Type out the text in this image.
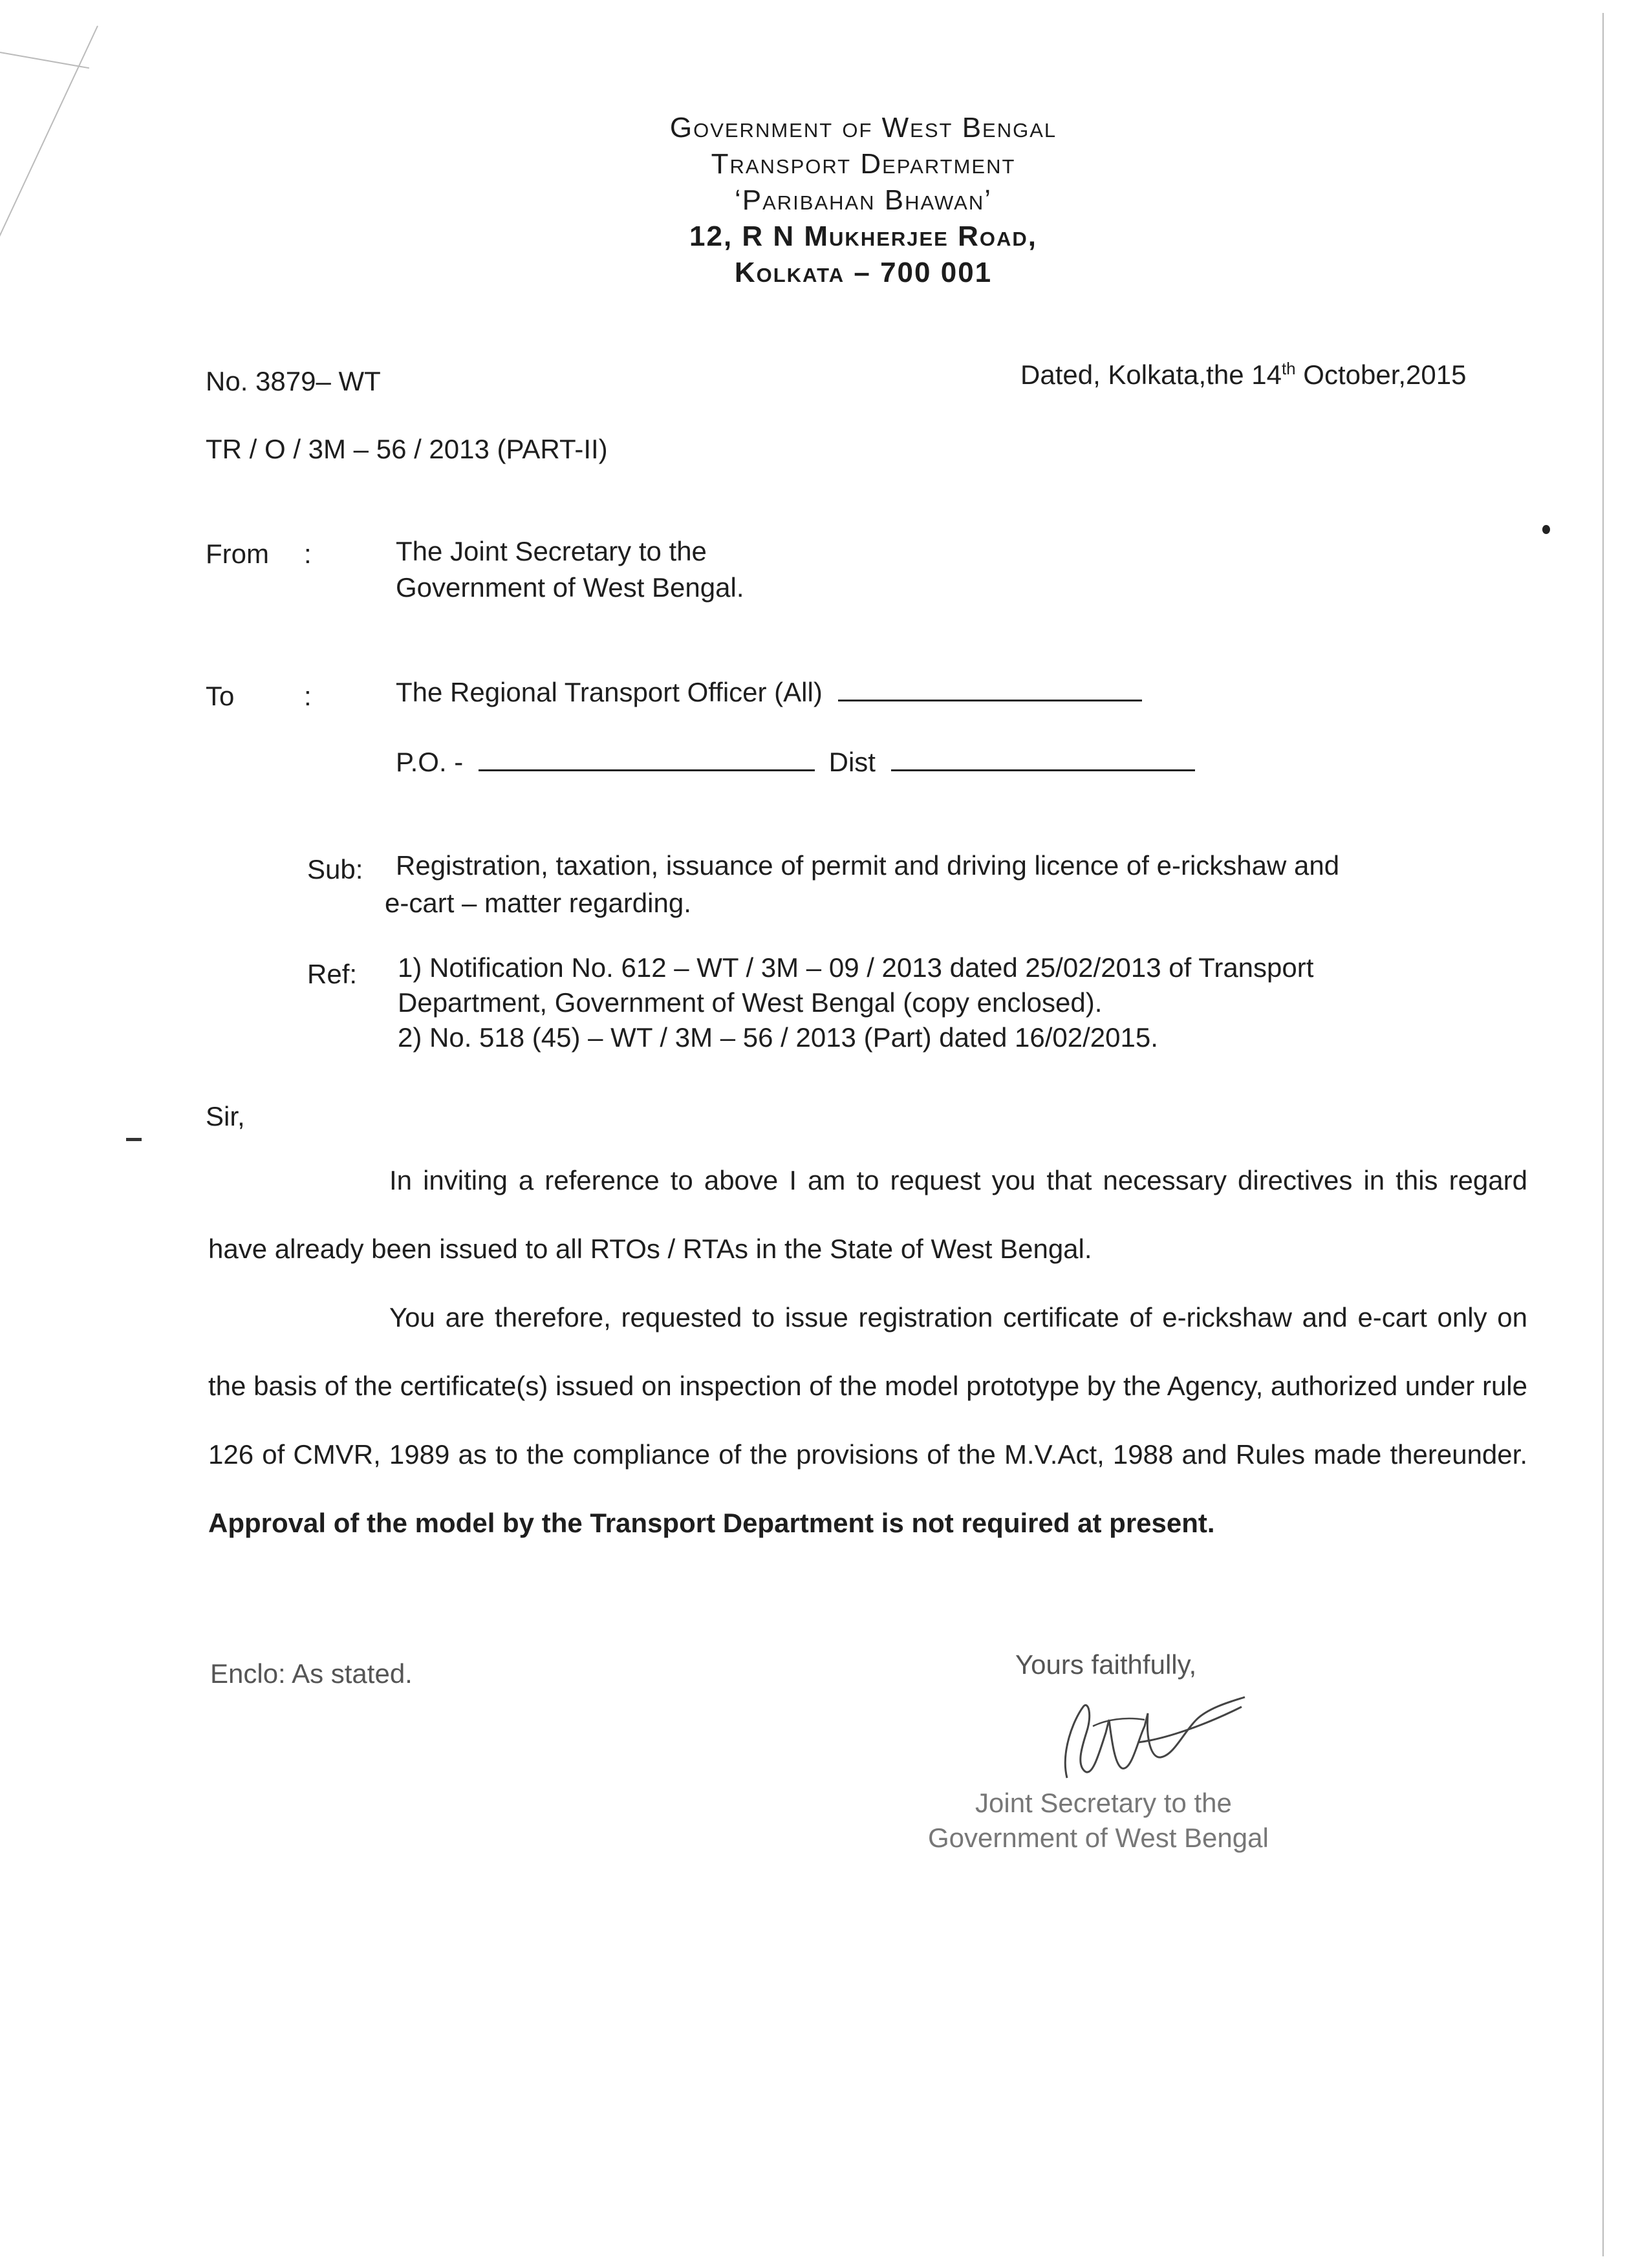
Government of West Bengal
Transport Department
‘Paribahan Bhawan’
12, R N Mukherjee Road,
Kolkata – 700 001
No. 3879– WT	Dated, Kolkata,the 14th October,2015
TR / O / 3M – 56 / 2013 (PART-II)
From :	The Joint Secretary to the
Government of West Bengal.
To	:	The Regional Transport Officer (All)
P.O. -	Dist
Sub: Registration, taxation, issuance of permit and driving licence of e-rickshaw and
e-cart – matter regarding.
Ref: 1) Notification No. 612 – WT / 3M – 09 / 2013 dated 25/02/2013 of Transport
Department, Government of West Bengal (copy enclosed).
2) No. 518 (45) – WT / 3M – 56 / 2013 (Part) dated 16/02/2015.
Sir,
In inviting a reference to above I am to request you that necessary directives in this regard have already been issued to all RTOs / RTAs in the State of West Bengal.
You are therefore, requested to issue registration certificate of e-rickshaw and e-cart only on the basis of the certificate(s) issued on inspection of the model prototype by the Agency, authorized under rule 126 of CMVR, 1989 as to the compliance of the provisions of the M.V.Act, 1988 and Rules made thereunder. Approval of the model by the Transport Department is not required at present.
Enclo: As stated.	Yours faithfully,
Joint Secretary to the
Government of West Bengal
